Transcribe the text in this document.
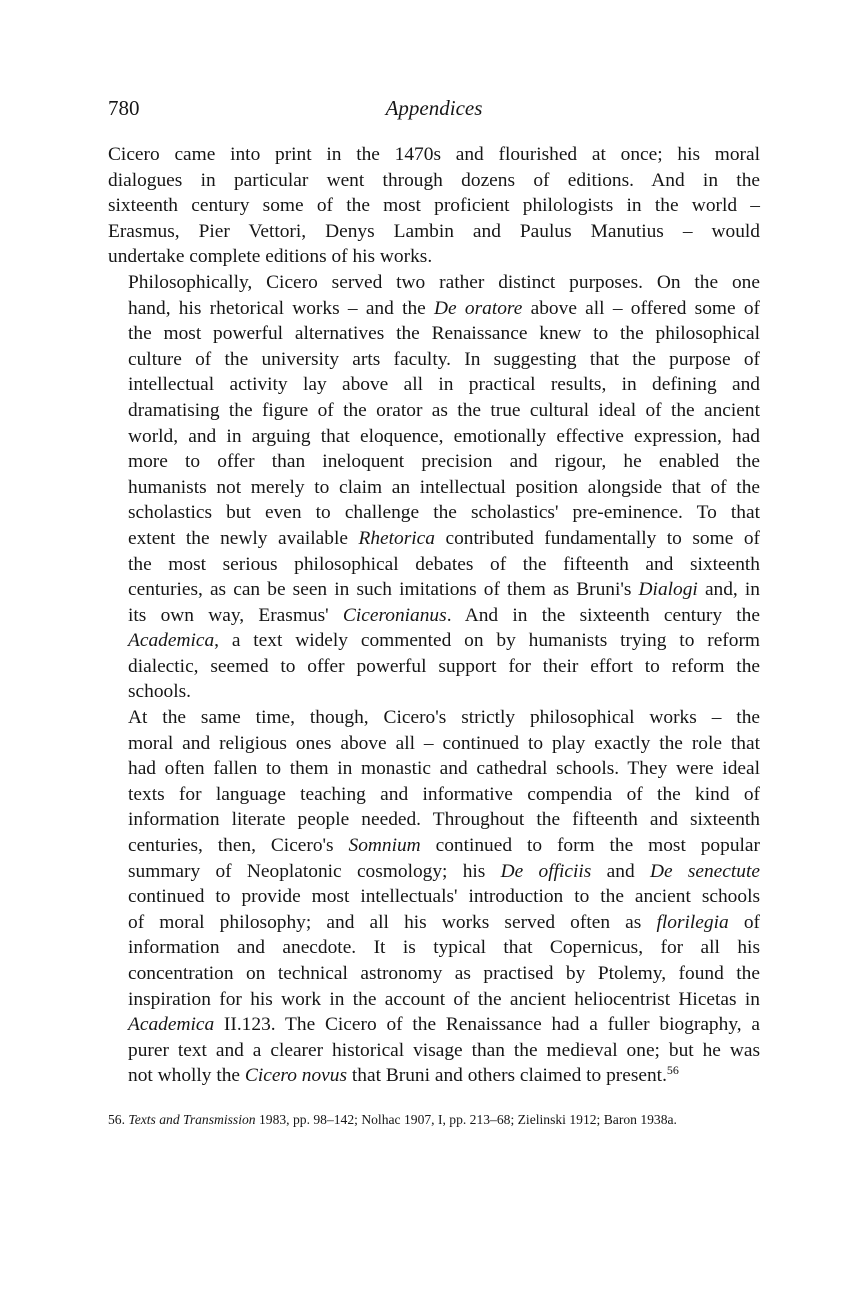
780	Appendices

Cicero came into print in the 1470s and flourished at once; his moral
dialogues in particular went through dozens of editions. And in the
sixteenth century some of the most proficient philologists in the world –
Erasmus, Pier Vettori, Denys Lambin and Paulus Manutius – would
undertake complete editions of his works.

Philosophically, Cicero served two rather distinct purposes. On the one
hand, his rhetorical works – and the De oratore above all – offered some of
the most powerful alternatives the Renaissance knew to the philosophical
culture of the university arts faculty. In suggesting that the purpose of
intellectual activity lay above all in practical results, in defining and
dramatising the figure of the orator as the true cultural ideal of the ancient
world, and in arguing that eloquence, emotionally effective expression, had
more to offer than ineloquent precision and rigour, he enabled the
humanists not merely to claim an intellectual position alongside that of the
scholastics but even to challenge the scholastics' pre-eminence. To that
extent the newly available Rhetorica contributed fundamentally to some of
the most serious philosophical debates of the fifteenth and sixteenth
centuries, as can be seen in such imitations of them as Bruni's Dialogi and, in
its own way, Erasmus' Ciceronianus. And in the sixteenth century the
Academica, a text widely commented on by humanists trying to reform
dialectic, seemed to offer powerful support for their effort to reform the
schools.

At the same time, though, Cicero's strictly philosophical works – the
moral and religious ones above all – continued to play exactly the role that
had often fallen to them in monastic and cathedral schools. They were ideal
texts for language teaching and informative compendia of the kind of
information literate people needed. Throughout the fifteenth and sixteenth
centuries, then, Cicero's Somnium continued to form the most popular
summary of Neoplatonic cosmology; his De officiis and De senectute
continued to provide most intellectuals' introduction to the ancient schools
of moral philosophy; and all his works served often as florilegia of
information and anecdote. It is typical that Copernicus, for all his
concentration on technical astronomy as practised by Ptolemy, found the
inspiration for his work in the account of the ancient heliocentrist Hicetas in
Academica II.123. The Cicero of the Renaissance had a fuller biography, a
purer text and a clearer historical visage than the medieval one; but he was
not wholly the Cicero novus that Bruni and others claimed to present.$^{56}$

56. Texts and Transmission 1983, pp. 98–142; Nolhac 1907, I, pp. 213–68; Zielinski 1912; Baron 1938a.
